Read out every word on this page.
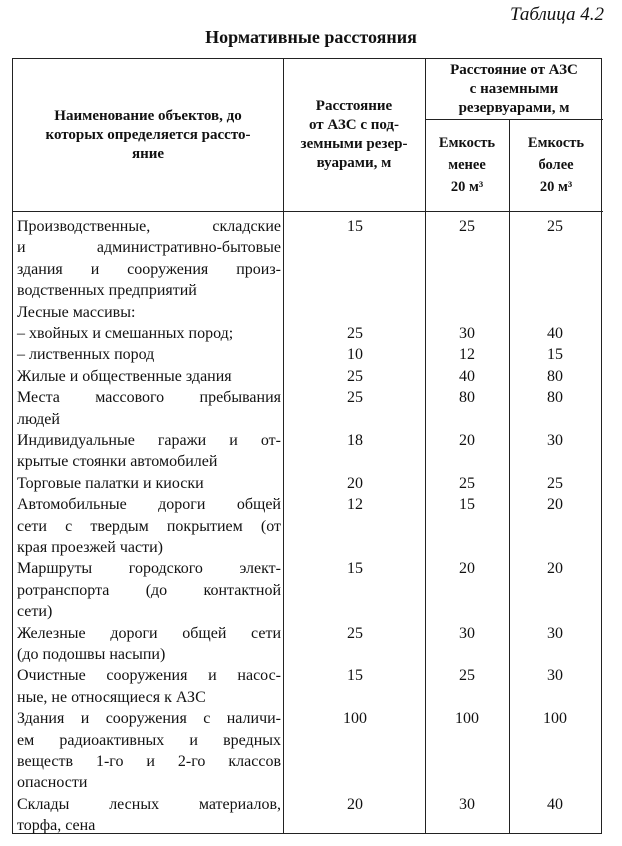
Таблица 4.2
Нормативные расстояния
Наименование объектов, до
которых определяется рассто-
яние
Расстояние
от АЗС с под-
земными резер-
вуарами, м
Расстояние от АЗС
с наземными
резервуарами, м
Емкость
менее
20 м³
Емкость
более
20 м³
Производственные, складские
и административно-бытовые
здания и сооружения произ-
водственных предприятий
15	25	25
Лесные массивы:
– хвойных и смешанных пород;	25	30	40
– лиственных пород	10	12	15
Жилые и общественные здания	25	40	80
Места массового пребывания
людей
25	80	80
Индивидуальные гаражи и от-
крытые стоянки автомобилей
18	20	30
Торговые палатки и киоски	20	25	25
Автомобильные дороги общей
сети с твердым покрытием (от
края проезжей части)
12	15	20
Маршруты городского элект-
ротранспорта (до контактной
сети)
15	20	20
Железные дороги общей сети
(до подошвы насыпи)
25	30	30
Очистные сооружения и насос-
ные, не относящиеся к АЗС
15	25	30
Здания и сооружения с наличи-
ем радиоактивных и вредных
веществ 1-го и 2-го классов
опасности
100	100	100
Склады лесных материалов,
торфа, сена
20	30	40
